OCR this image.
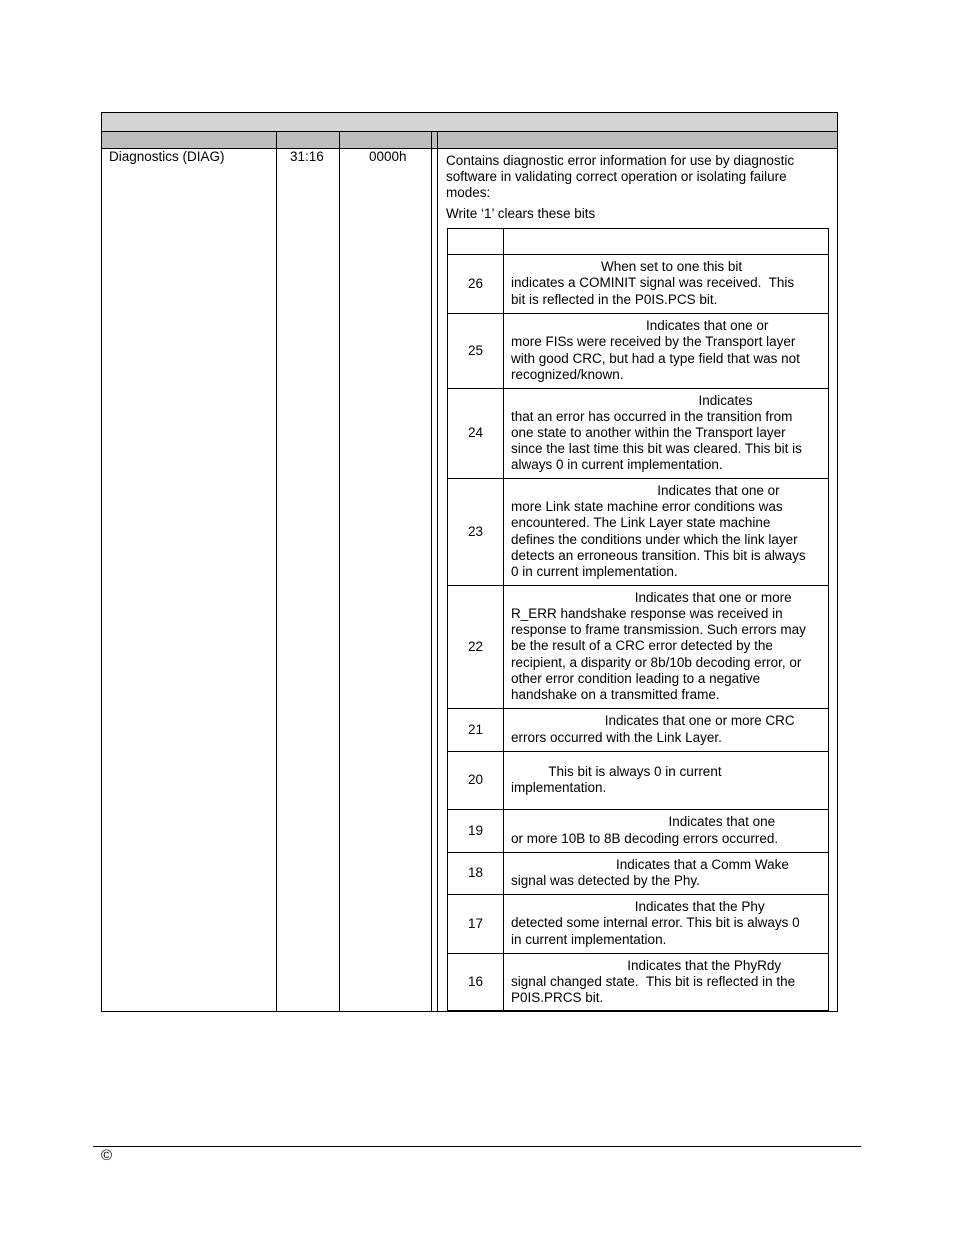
Diagnostics (DIAG)	31:16	0000h	Contains diagnostic error information for use by diagnostic

software in validating correct operation or isolating failure

modes:

Write ‘1’ clears these bits

26
When set to one this bit
indicates a COMINIT signal was received.  This
bit is reflected in the P0IS.PCS bit.
25
Indicates that one or
more FISs were received by the Transport layer
with good CRC, but had a type field that was not
recognized/known.
24
Indicates
that an error has occurred in the transition from
one state to another within the Transport layer
since the last time this bit was cleared. This bit is
always 0 in current implementation.
23
Indicates that one or
more Link state machine error conditions was
encountered. The Link Layer state machine
defines the conditions under which the link layer
detects an erroneous transition. This bit is always
0 in current implementation.
22
Indicates that one or more
R_ERR handshake response was received in
response to frame transmission. Such errors may
be the result of a CRC error detected by the
recipient, a disparity or 8b/10b decoding error, or
other error condition leading to a negative
handshake on a transmitted frame.
21
Indicates that one or more CRC
errors occurred with the Link Layer.
20
This bit is always 0 in current
implementation.
19
Indicates that one
or more 10B to 8B decoding errors occurred.
18
Indicates that a Comm Wake
signal was detected by the Phy.
17
Indicates that the Phy
detected some internal error. This bit is always 0
in current implementation.
16
Indicates that the PhyRdy
signal changed state.  This bit is reflected in the
P0IS.PRCS bit.
©
